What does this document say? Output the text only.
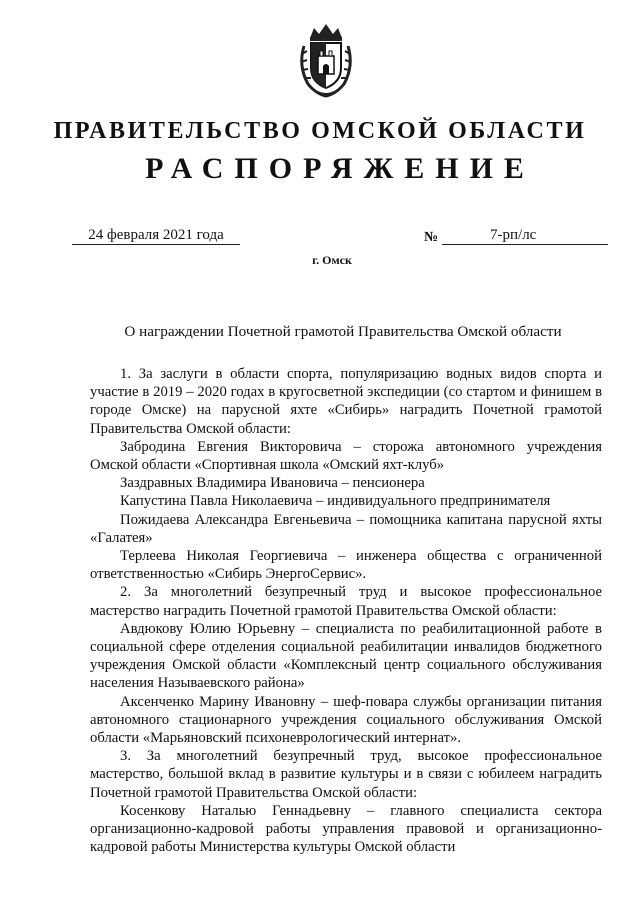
ПРАВИТЕЛЬСТВО ОМСКОЙ ОБЛАСТИ
РАСПОРЯЖЕНИЕ
24 февраля 2021 года	№	7-рп/лс
г. Омск
О награждении Почетной грамотой Правительства Омской области

1. За заслуги в области спорта, популяризацию водных видов спорта и участие в 2019 – 2020 годах в кругосветной экспедиции (со стартом и финишем в городе Омске) на парусной яхте «Сибирь» наградить Почетной грамотой Правительства Омской области:

Забродина Евгения Викторовича – сторожа автономного учреждения Омской области «Спортивная школа «Омский яхт-клуб»

Заздравных Владимира Ивановича – пенсионера

Капустина Павла Николаевича – индивидуального предпринимателя

Пожидаева Александра Евгеньевича – помощника капитана парусной яхты «Галатея»

Терлеева Николая Георгиевича – инженера общества с ограниченной ответственностью «Сибирь ЭнергоСервис».

2. За многолетний безупречный труд и высокое профессиональное мастерство наградить Почетной грамотой Правительства Омской области:

Авдюкову Юлию Юрьевну – специалиста по реабилитационной работе в социальной сфере отделения социальной реабилитации инвалидов бюджетного учреждения Омской области «Комплексный центр социального обслуживания населения Называевского района»

Аксенченко Марину Ивановну – шеф-повара службы организации питания автономного стационарного учреждения социального обслуживания Омской области «Марьяновский психоневрологический интернат».

3. За многолетний безупречный труд, высокое профессиональное мастерство, большой вклад в развитие культуры и в связи с юбилеем наградить Почетной грамотой Правительства Омской области:

Косенкову Наталью Геннадьевну – главного специалиста сектора организационно-кадровой работы управления правовой и организационно-кадровой работы Министерства культуры Омской области
